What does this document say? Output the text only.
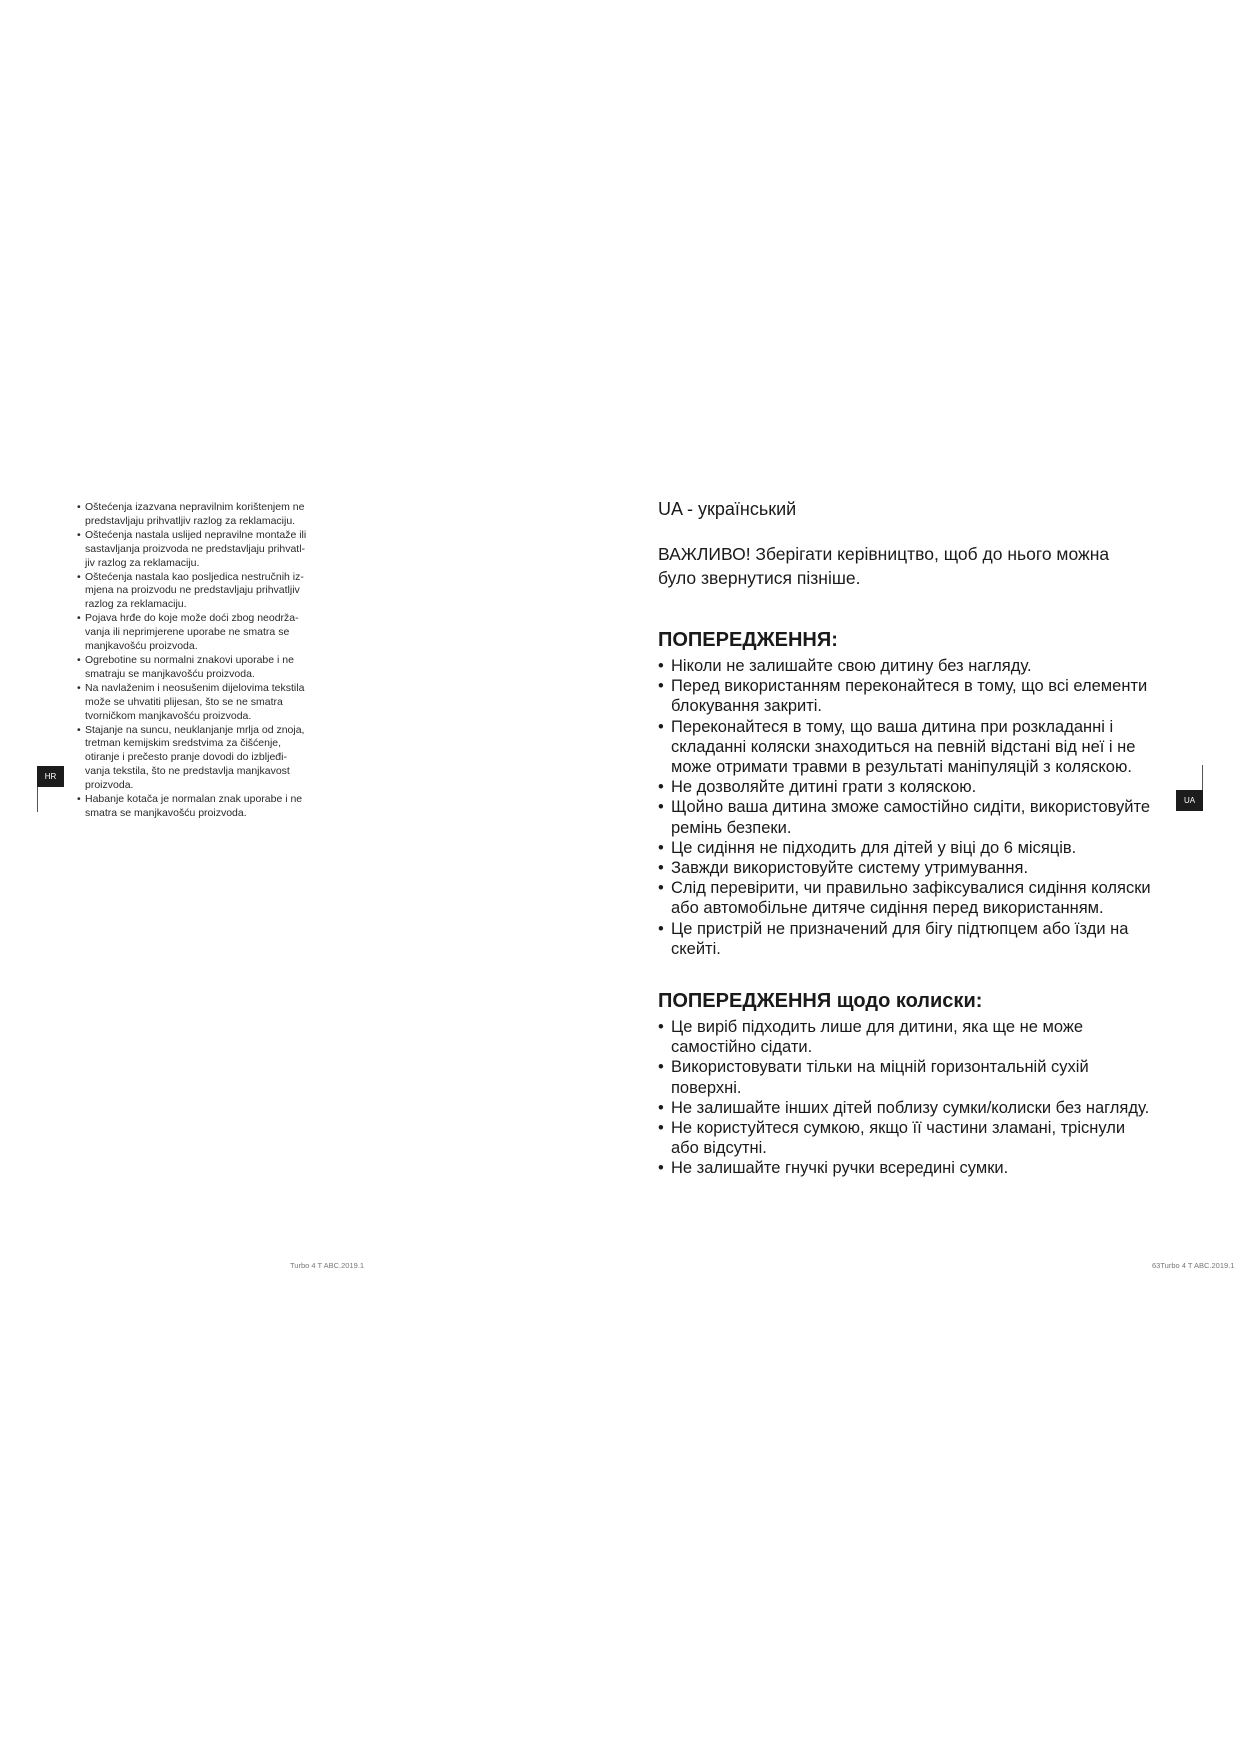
• Oštećenja izazvana nepravilnim korištenjem ne
predstavljaju prihvatljiv razlog za reklamaciju.
• Oštećenja nastala uslijed nepravilne montaže ili
sastavljanja proizvoda ne predstavljaju prihvatl-
jiv razlog za reklamaciju.
• Oštećenja nastala kao posljedica nestručnih iz-
mjena na proizvodu ne predstavljaju prihvatljiv
razlog za reklamaciju.
• Pojava hrđe do koje može doći zbog neodrža-
vanja ili neprimjerene uporabe ne smatra se
manjkavošću proizvoda.
• Ogrebotine su normalni znakovi uporabe i ne
smatraju se manjkavošću proizvoda.
• Na navlaženim i neosušenim dijelovima tekstila
može se uhvatiti plijesan, što se ne smatra
tvorničkom manjkavošću proizvoda.
• Stajanje na suncu, neuklanjanje mrlja od znoja,
tretman kemijskim sredstvima za čišćenje,
otiranje i prečesto pranje dovodi do izbljeđi-
vanja tekstila, što ne predstavlja manjkavost
proizvoda.
• Habanje kotača je normalan znak uporabe i ne
smatra se manjkavošću proizvoda.
HR
Turbo 4 T ABC.2019.1
UA - український

ВАЖЛИВО! Зберігати керівництво, щоб до нього можна
було звернутися пізніше.

ПОПЕРЕДЖЕННЯ:
• Ніколи не залишайте свою дитину без нагляду.
• Перед використанням переконайтеся в тому, що всі елементи
блокування закриті.
• Переконайтеся в тому, що ваша дитина при розкладанні і
складанні коляски знаходиться на певній відстані від неї і не
може отримати травми в результаті маніпуляцій з коляскою.
• Не дозволяйте дитині грати з коляскою.
• Щойно ваша дитина зможе самостійно сидіти, використовуйте
ремінь безпеки.
• Це сидіння не підходить для дітей у віці до 6 місяців.
• Завжди використовуйте систему утримування.
• Слід перевірити, чи правильно зафіксувалися сидіння коляски
або автомобільне дитяче сидіння перед використанням.
• Це пристрій не призначений для бігу підтюпцем або їзди на
скейті.
ПОПЕРЕДЖЕННЯ щодо колиски:
• Це виріб підходить лише для дитини, яка ще не може
самостійно сідати.
• Використовувати тільки на міцній горизонтальній сухій
поверхні.
• Не залишайте інших дітей поблизу сумки/колиски без нагляду.
• Не користуйтеся сумкою, якщо її частини зламані, тріснули
або відсутні.
• Не залишайте гнучкі ручки всередині сумки.
UA
63Turbo 4 T ABC.2019.1
